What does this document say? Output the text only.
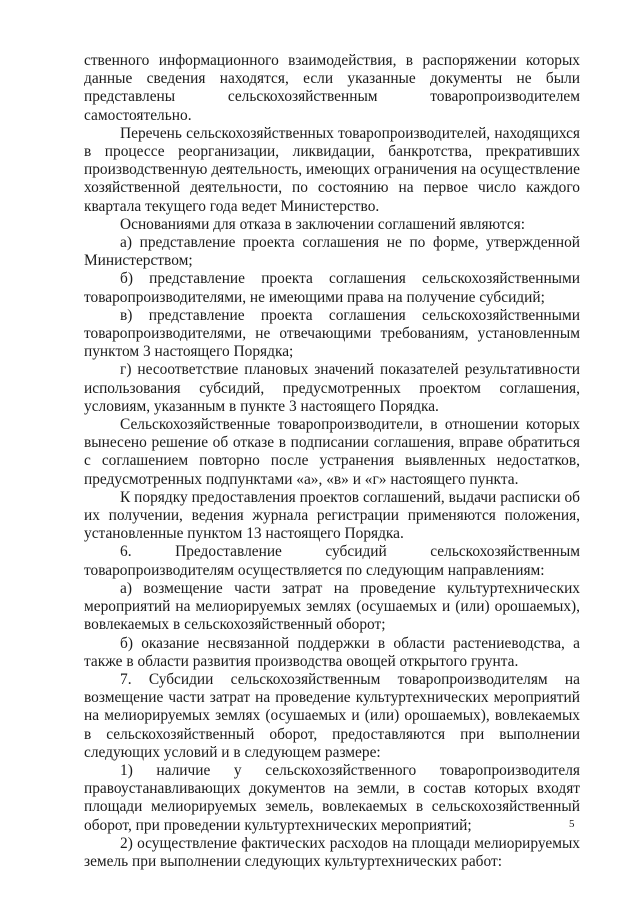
ственного информационного взаимодействия, в распоряжении которых данные сведения находятся, если указанные документы не были представлены сельскохозяйственным товаропроизводителем самостоятельно.

Перечень сельскохозяйственных товаропроизводителей, находящихся в процессе реорганизации, ликвидации, банкротства, прекративших производственную деятельность, имеющих ограничения на осуществление хозяйственной деятельности, по состоянию на первое число каждого квартала текущего года ведет Министерство.

Основаниями для отказа в заключении соглашений являются:

а) представление проекта соглашения не по форме, утвержденной Министерством;

б) представление проекта соглашения сельскохозяйственными товаропроизводителями, не имеющими права на получение субсидий;

в) представление проекта соглашения сельскохозяйственными товаропроизводителями, не отвечающими требованиям, установленным пунктом 3 настоящего Порядка;

г) несоответствие плановых значений показателей результативности использования субсидий, предусмотренных проектом соглашения, условиям, указанным в пункте 3 настоящего Порядка.

Сельскохозяйственные товаропроизводители, в отношении которых вынесено решение об отказе в подписании соглашения, вправе обратиться с соглашением повторно после устранения выявленных недостатков, предусмотренных подпунктами «а», «в» и «г» настоящего пункта.

К порядку предоставления проектов соглашений, выдачи расписки об их получении, ведения журнала регистрации применяются положения, установленные пунктом 13 настоящего Порядка.

6. Предоставление субсидий сельскохозяйственным товаропроизводителям осуществляется по следующим направлениям:

а) возмещение части затрат на проведение культуртехнических мероприятий на мелиорируемых землях (осушаемых и (или) орошаемых), вовлекаемых в сельскохозяйственный оборот;

б) оказание несвязанной поддержки в области растениеводства, а также в области развития производства овощей открытого грунта.

7. Субсидии сельскохозяйственным товаропроизводителям на возмещение части затрат на проведение культуртехнических мероприятий на мелиорируемых землях (осушаемых и (или) орошаемых), вовлекаемых в сельскохозяйственный оборот, предоставляются при выполнении следующих условий и в следующем размере:

1) наличие у сельскохозяйственного товаропроизводителя правоустанавливающих документов на земли, в состав которых входят площади мелиорируемых земель, вовлекаемых в сельскохозяйственный оборот, при проведении культуртехнических мероприятий;

2) осуществление фактических расходов на площади мелиорируемых земель при выполнении следующих культуртехнических работ:

5
